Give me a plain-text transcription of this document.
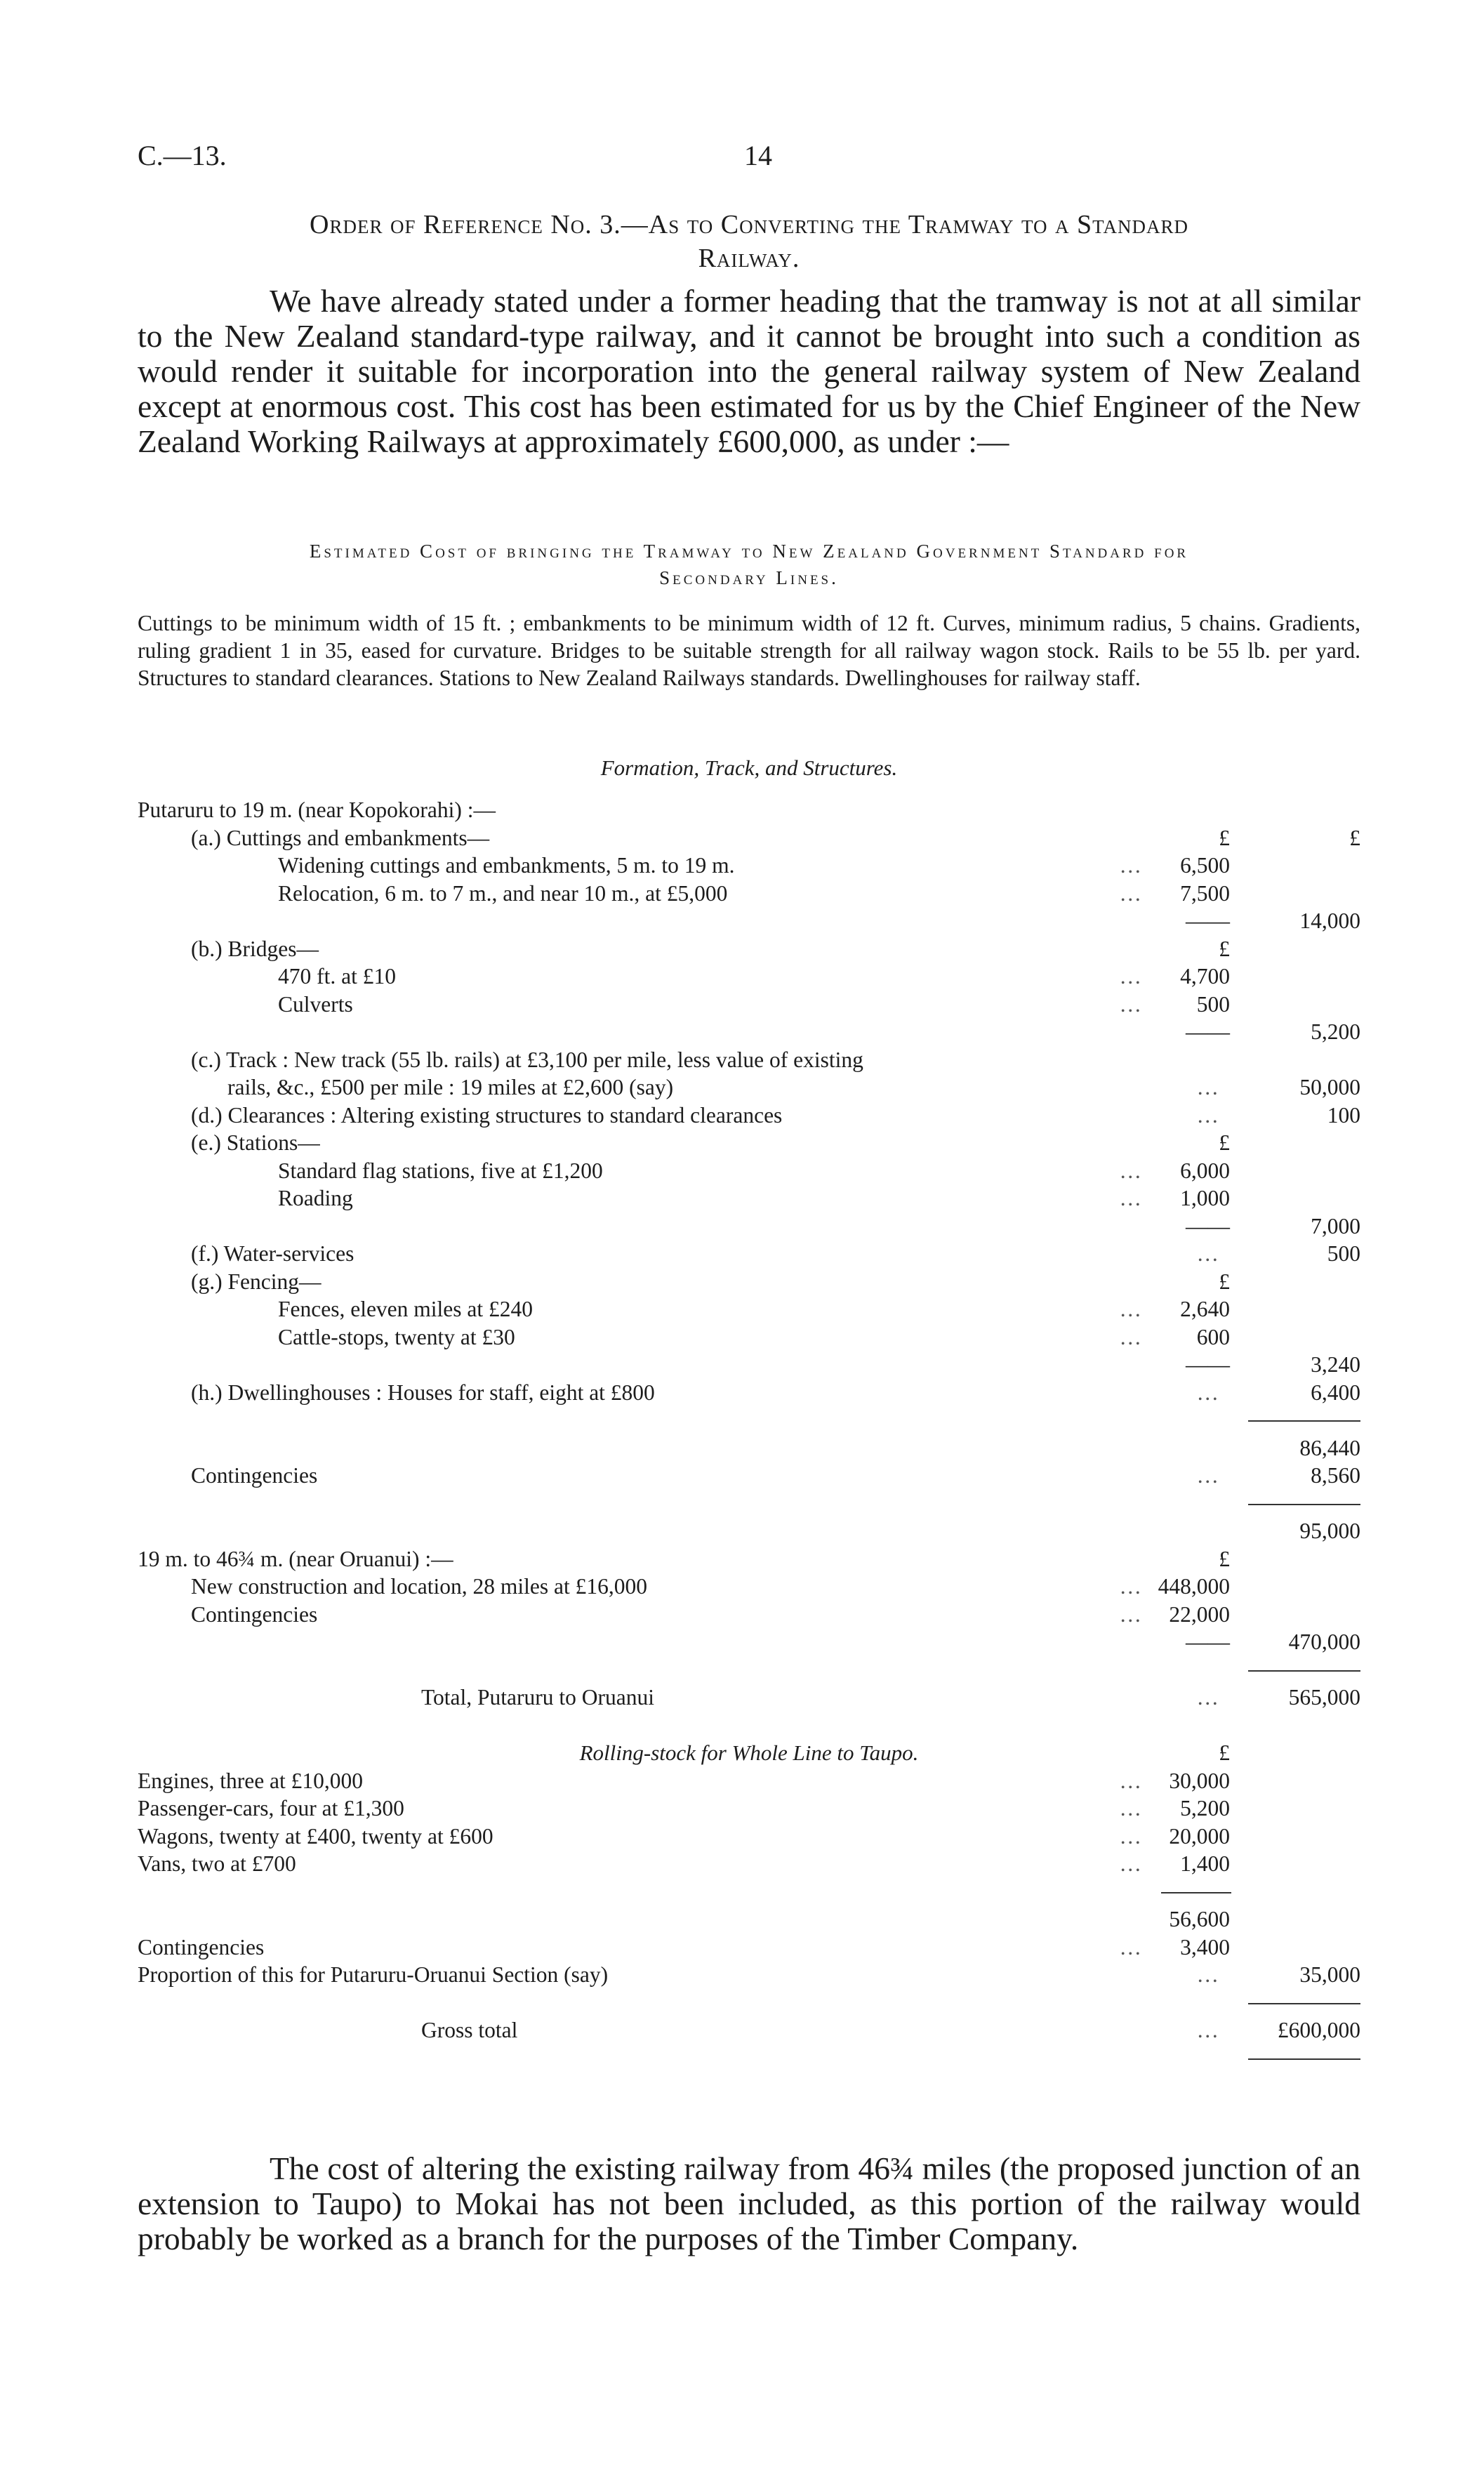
C.—13.	14
Order of Reference No. 3.—As to Converting the Tramway to a Standard
Railway.

We have already stated under a former heading that the tramway is not at all similar to the New Zealand standard-type railway, and it cannot be brought into such a condition as would render it suitable for incorporation into the general railway system of New Zealand except at enormous cost. This cost has been estimated for us by the Chief Engineer of the New Zealand Working Railways at approximately £600,000, as under :—

Estimated Cost of bringing the Tramway to New Zealand Government Standard for
Secondary Lines.

Cuttings to be minimum width of 15 ft. ; embankments to be minimum width of 12 ft. Curves, minimum radius, 5 chains. Gradients, ruling gradient 1 in 35, eased for curvature. Bridges to be suitable strength for all railway wagon stock. Rails to be 55 lb. per yard. Structures to standard clearances. Stations to New Zealand Railways standards. Dwellinghouses for railway staff.

Formation, Track, and Structures.
Putaruru to 19 m. (near Kopokorahi) :—
(a.) Cuttings and embankments—	£	£
Widening cuttings and embankments, 5 m. to 19 m.	… 6,500
Relocation, 6 m. to 7 m., and near 10 m., at £5,000	… 7,500
——	14,000
(b.) Bridges—	£
470 ft. at £10	… 4,700
Culverts	… 500
——	5,200
(c.) Track : New track (55 lb. rails) at £3,100 per mile, less value of existing
rails, &c., £500 per mile : 19 miles at £2,600 (say)	…	50,000
(d.) Clearances : Altering existing structures to standard clearances	…	100
(e.) Stations—	£
Standard flag stations, five at £1,200	… 6,000
Roading	… 1,000
——	7,000
(f.) Water-services	…	500
(g.) Fencing—	£
Fences, eleven miles at £240	… 2,640
Cattle-stops, twenty at £30	… 600
——	3,240
(h.) Dwellinghouses : Houses for staff, eight at £800	…	6,400
86,440
Contingencies	…	8,560
95,000
19 m. to 46¾ m. (near Oruanui) :—	£
New construction and location, 28 miles at £16,000	… 448,000
Contingencies	… 22,000
——	470,000
Total, Putaruru to Oruanui	…	565,000
Rolling-stock for Whole Line to Taupo.	£
Engines, three at £10,000	… 30,000
Passenger-cars, four at £1,300	… 5,200
Wagons, twenty at £400, twenty at £600	… 20,000
Vans, two at £700	… 1,400
56,600
Contingencies	… 3,400
Proportion of this for Putaruru-Oruanui Section (say)	…	35,000
Gross total	…	£600,000

The cost of altering the existing railway from 46¾ miles (the proposed junction of an extension to Taupo) to Mokai has not been included, as this portion of the railway would probably be worked as a branch for the purposes of the Timber Company.
